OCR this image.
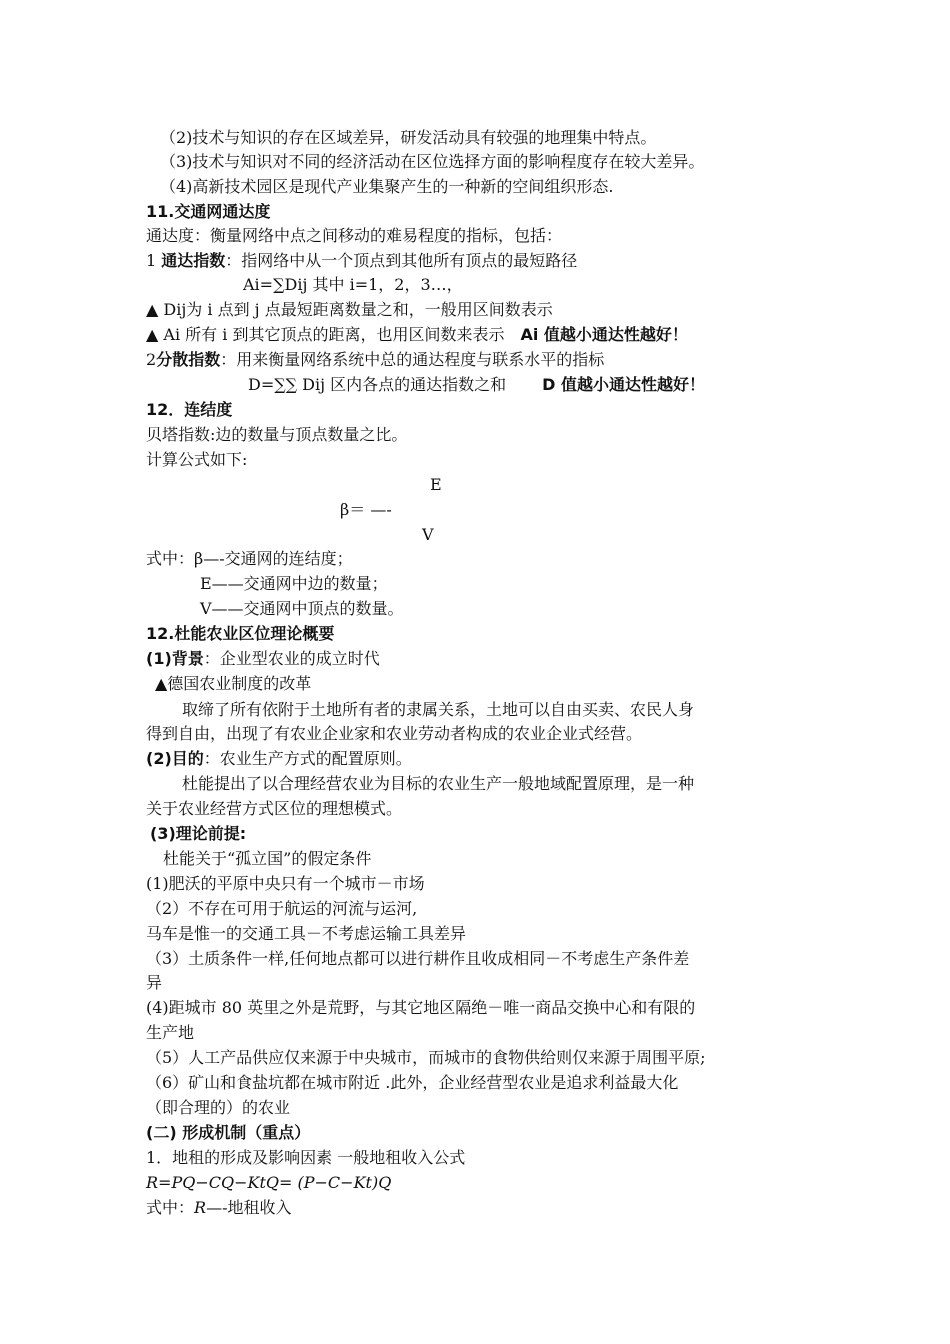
（2)技术与知识的存在区域差异，研发活动具有较强的地理集中特点。
（3)技术与知识对不同的经济活动在区位选择方面的影响程度存在较大差异。
（4)高新技术园区是现代产业集聚产生的一种新的空间组织形态.
11.交通网通达度
通达度：衡量网络中点之间移动的难易程度的指标，包括：
1 通达指数：指网络中从一个顶点到其他所有顶点的最短路径
Ai=∑Dij 其中 i=1，2，3…，
▲ Dij为 i 点到 j 点最短距离数量之和，一般用区间数表示
▲ Ai 所有 i 到其它顶点的距离，也用区间数来表示 Ai 值越小通达性越好！
2分散指数：用来衡量网络系统中总的通达程度与联系水平的指标
D=∑∑ Dij 区内各点的通达指数之和 D 值越小通达性越好！
12．连结度
贝塔指数:边的数量与顶点数量之比。
计算公式如下:
E
β＝ —-
V
式中：β—-交通网的连结度；
E——交通网中边的数量；
V——交通网中顶点的数量。
12.杜能农业区位理论概要
(1)背景：企业型农业的成立时代
▲德国农业制度的改革
取缔了所有依附于土地所有者的隶属关系，土地可以自由买卖、农民人身
得到自由，出现了有农业企业家和农业劳动者构成的农业企业式经营。
(2)目的：农业生产方式的配置原则。
杜能提出了以合理经营农业为目标的农业生产一般地域配置原理，是一种
关于农业经营方式区位的理想模式。
(3)理论前提:
杜能关于“孤立国”的假定条件
(1)肥沃的平原中央只有一个城市－市场
（2）不存在可用于航运的河流与运河,
马车是惟一的交通工具－不考虑运输工具差异
（3）土质条件一样,任何地点都可以进行耕作且收成相同－不考虑生产条件差
异
(4)距城市 80 英里之外是荒野，与其它地区隔绝－唯一商品交换中心和有限的
生产地
（5）人工产品供应仅来源于中央城市，而城市的食物供给则仅来源于周围平原;
（6）矿山和食盐坑都在城市附近 .此外，企业经营型农业是追求利益最大化
（即合理的）的农业
(二) 形成机制（重点）
1．地租的形成及影响因素 一般地租收入公式
R=PQ−CQ−KtQ= (P−C−Kt)Q
式中：R—-地租收入
